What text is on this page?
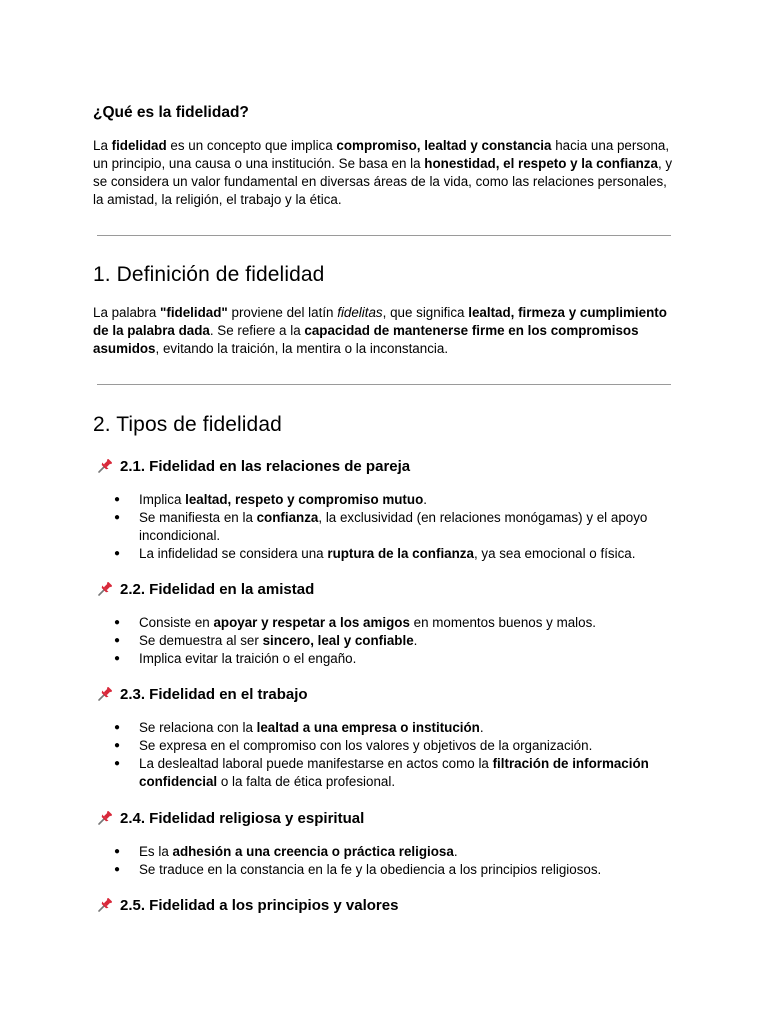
¿Qué es la fidelidad?

La fidelidad es un concepto que implica compromiso, lealtad y constancia hacia una persona, un principio, una causa o una institución. Se basa en la honestidad, el respeto y la confianza, y se considera un valor fundamental en diversas áreas de la vida, como las relaciones personales, la amistad, la religión, el trabajo y la ética.

1. Definición de fidelidad

La palabra "fidelidad" proviene del latín fidelitas, que significa lealtad, firmeza y cumplimiento de la palabra dada. Se refiere a la capacidad de mantenerse firme en los compromisos asumidos, evitando la traición, la mentira o la inconstancia.

2. Tipos de fidelidad
2.1. Fidelidad en las relaciones de pareja
● Implica lealtad, respeto y compromiso mutuo.
● Se manifiesta en la confianza, la exclusividad (en relaciones monógamas) y el apoyo incondicional.
● La infidelidad se considera una ruptura de la confianza, ya sea emocional o física.
2.2. Fidelidad en la amistad
● Consiste en apoyar y respetar a los amigos en momentos buenos y malos.
● Se demuestra al ser sincero, leal y confiable.
● Implica evitar la traición o el engaño.
2.3. Fidelidad en el trabajo
● Se relaciona con la lealtad a una empresa o institución.
● Se expresa en el compromiso con los valores y objetivos de la organización.
● La deslealtad laboral puede manifestarse en actos como la filtración de información confidencial o la falta de ética profesional.
2.4. Fidelidad religiosa y espiritual
● Es la adhesión a una creencia o práctica religiosa.
● Se traduce en la constancia en la fe y la obediencia a los principios religiosos.
2.5. Fidelidad a los principios y valores
